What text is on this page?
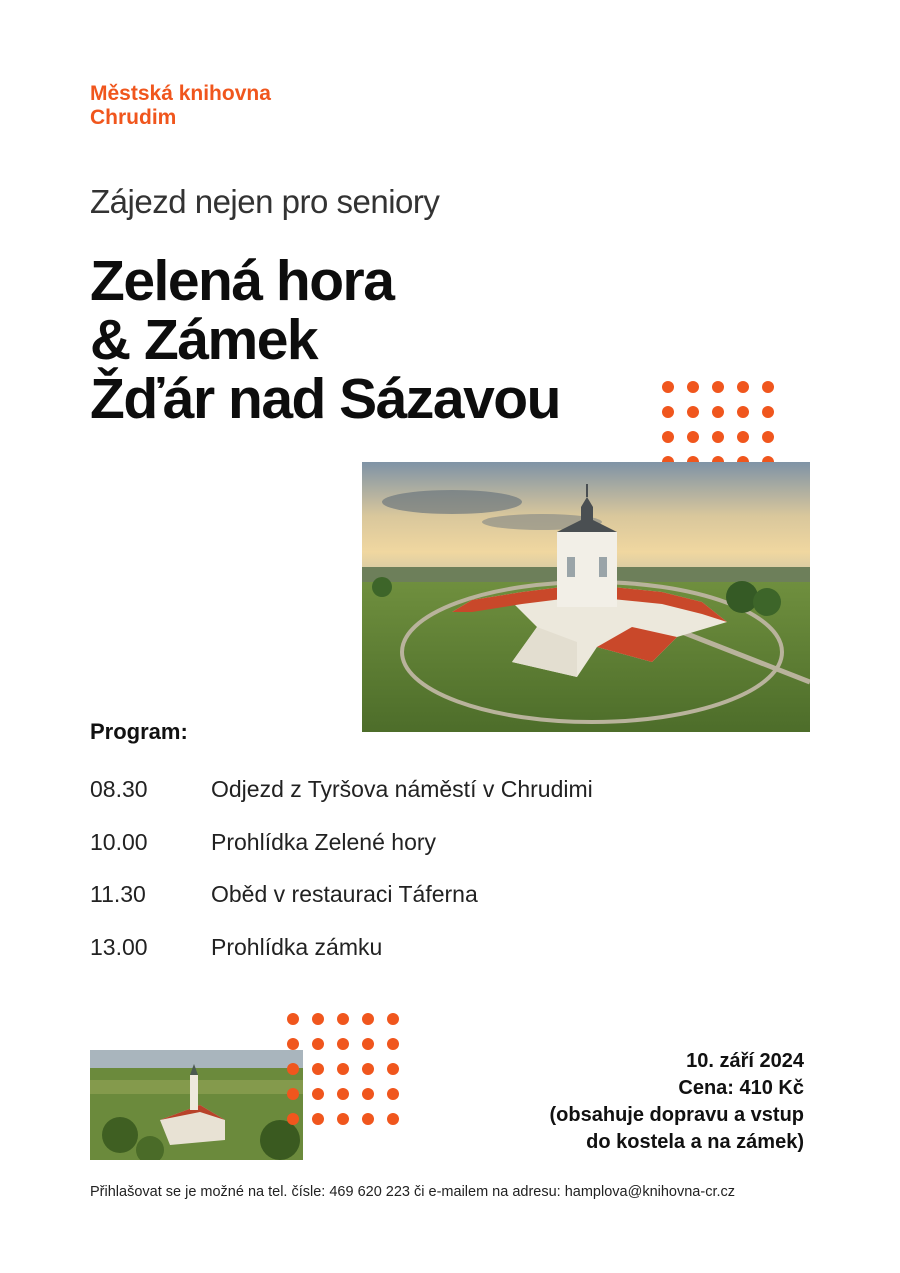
Městská knihovna
Chrudim
Zájezd nejen pro seniory
Zelená hora
& Zámek
Žďár nad Sázavou
Program:
08.30	Odjezd z Tyršova náměstí v Chrudimi
10.00	Prohlídka Zelené hory
11.30	Oběd v restauraci Táferna
13.00	Prohlídka zámku
10. září 2024
Cena: 410 Kč
(obsahuje dopravu a vstup
do kostela a na zámek)
Přihlašovat se je možné na tel. čísle: 469 620 223 či e-mailem na adresu: hamplova@knihovna-cr.cz
